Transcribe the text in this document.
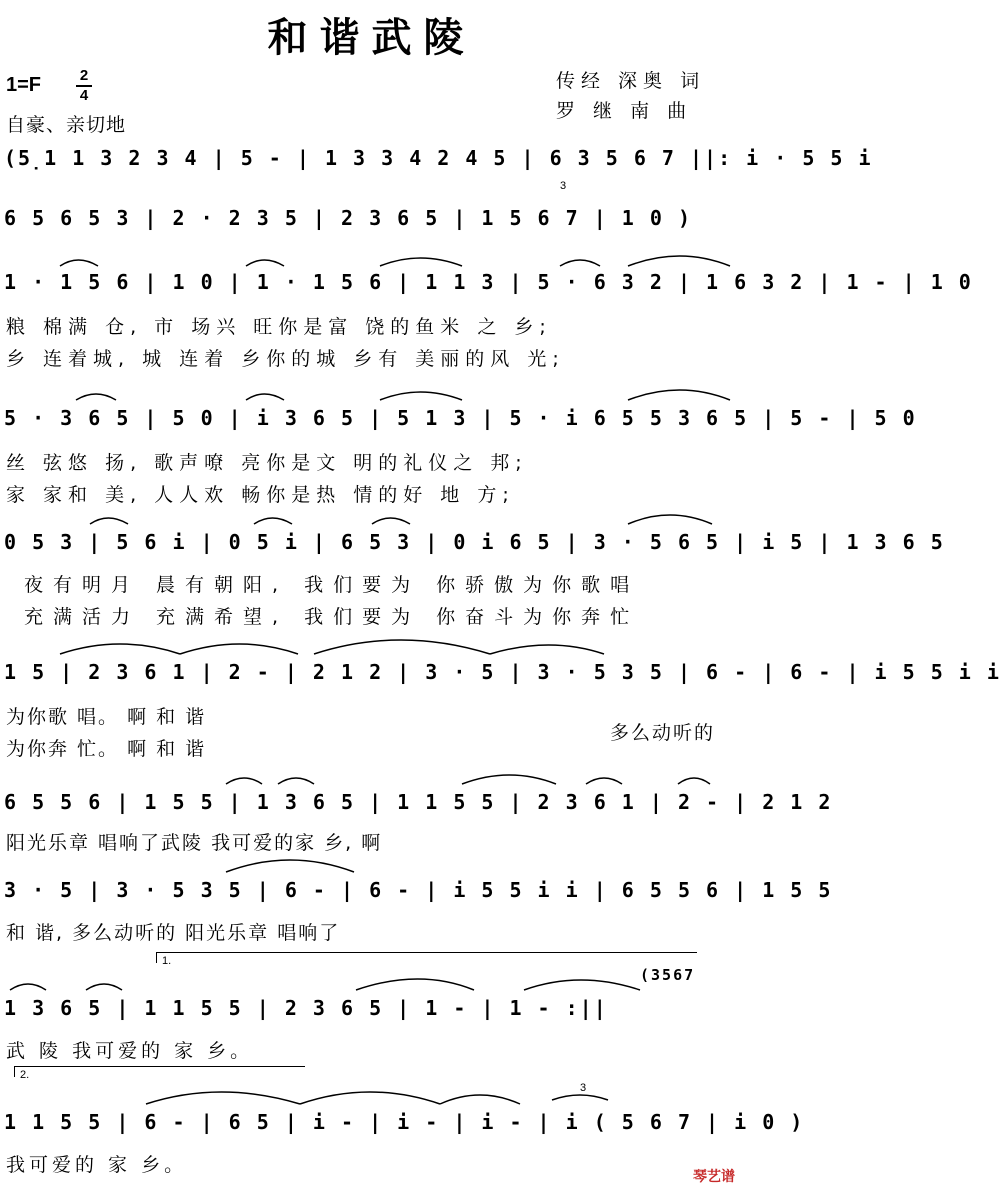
和谐武陵
1=F	2
4
自豪、亲切地
传经 深奥 词
罗 继 南 曲
(5̣1 1 3 2 3 4 | 5 - | 1 3 3 4 2 4 5 | 6 3 5 6 7 ||: i · 5 5 i
6 5 6 5 3 | 2 · 2 3 5 | 2 3 6 5 | 1 5 6 7 | 1 0 )
3
1 · 1 5 6 | 1 0 | 1 · 1 5 6 | 1 1 3 | 5 · 6 3 2 | 1 6 3 2 | 1 - | 1 0
粮 棉满 仓, 市 场兴 旺你是富 饶的鱼米 之 乡;
乡 连着城, 城 连着 乡你的城 乡有 美丽的风 光;
5 · 3 6 5 | 5 0 | i 3 6 5 | 5 1 3 | 5 · i 6 5 5 3 6 5 | 5 - | 5 0
丝 弦悠 扬, 歌声嘹 亮你是文 明的礼仪之 邦;
家 家和 美, 人人欢 畅你是热 情的好 地 方;
0 5 3 | 5 6 i | 0 5 i | 6 5 3 | 0 i 6 5 | 3 · 5 6 5 | i 5 | 1 3 6 5
夜有明月 晨有朝阳, 我们要为 你骄傲为你歌唱
充满活力 充满希望, 我们要为 你奋斗为你奔忙
1 5 | 2 3 6 1 | 2 - | 2 1 2 | 3 · 5 | 3 · 5 3 5 | 6 - | 6 - | i 5 5 i i
为你歌 唱。 啊 和 谐
为你奔 忙。 啊 和 谐
多么动听的
6 5 5 6 | 1 5 5 | 1 3 6 5 | 1 1 5 5 | 2 3 6 1 | 2 - | 2 1 2
阳光乐章 唱响了武陵 我可爱的家 乡, 啊
3 · 5 | 3 · 5 3 5 | 6 - | 6 - | i 5 5 i i | 6 5 5 6 | 1 5 5
和 谐, 多么动听的 阳光乐章 唱响了
1.
(3567
1 3 6 5 | 1 1 5 5 | 2 3 6 5 | 1 - | 1 - :||
武 陵 我可爱的 家 乡。
2.
1 1 5 5 | 6 - | 6 5 | i - | i - | i - | i ( 5 6 7 | i 0 )
3
我可爱的 家 乡。	琴艺谱
